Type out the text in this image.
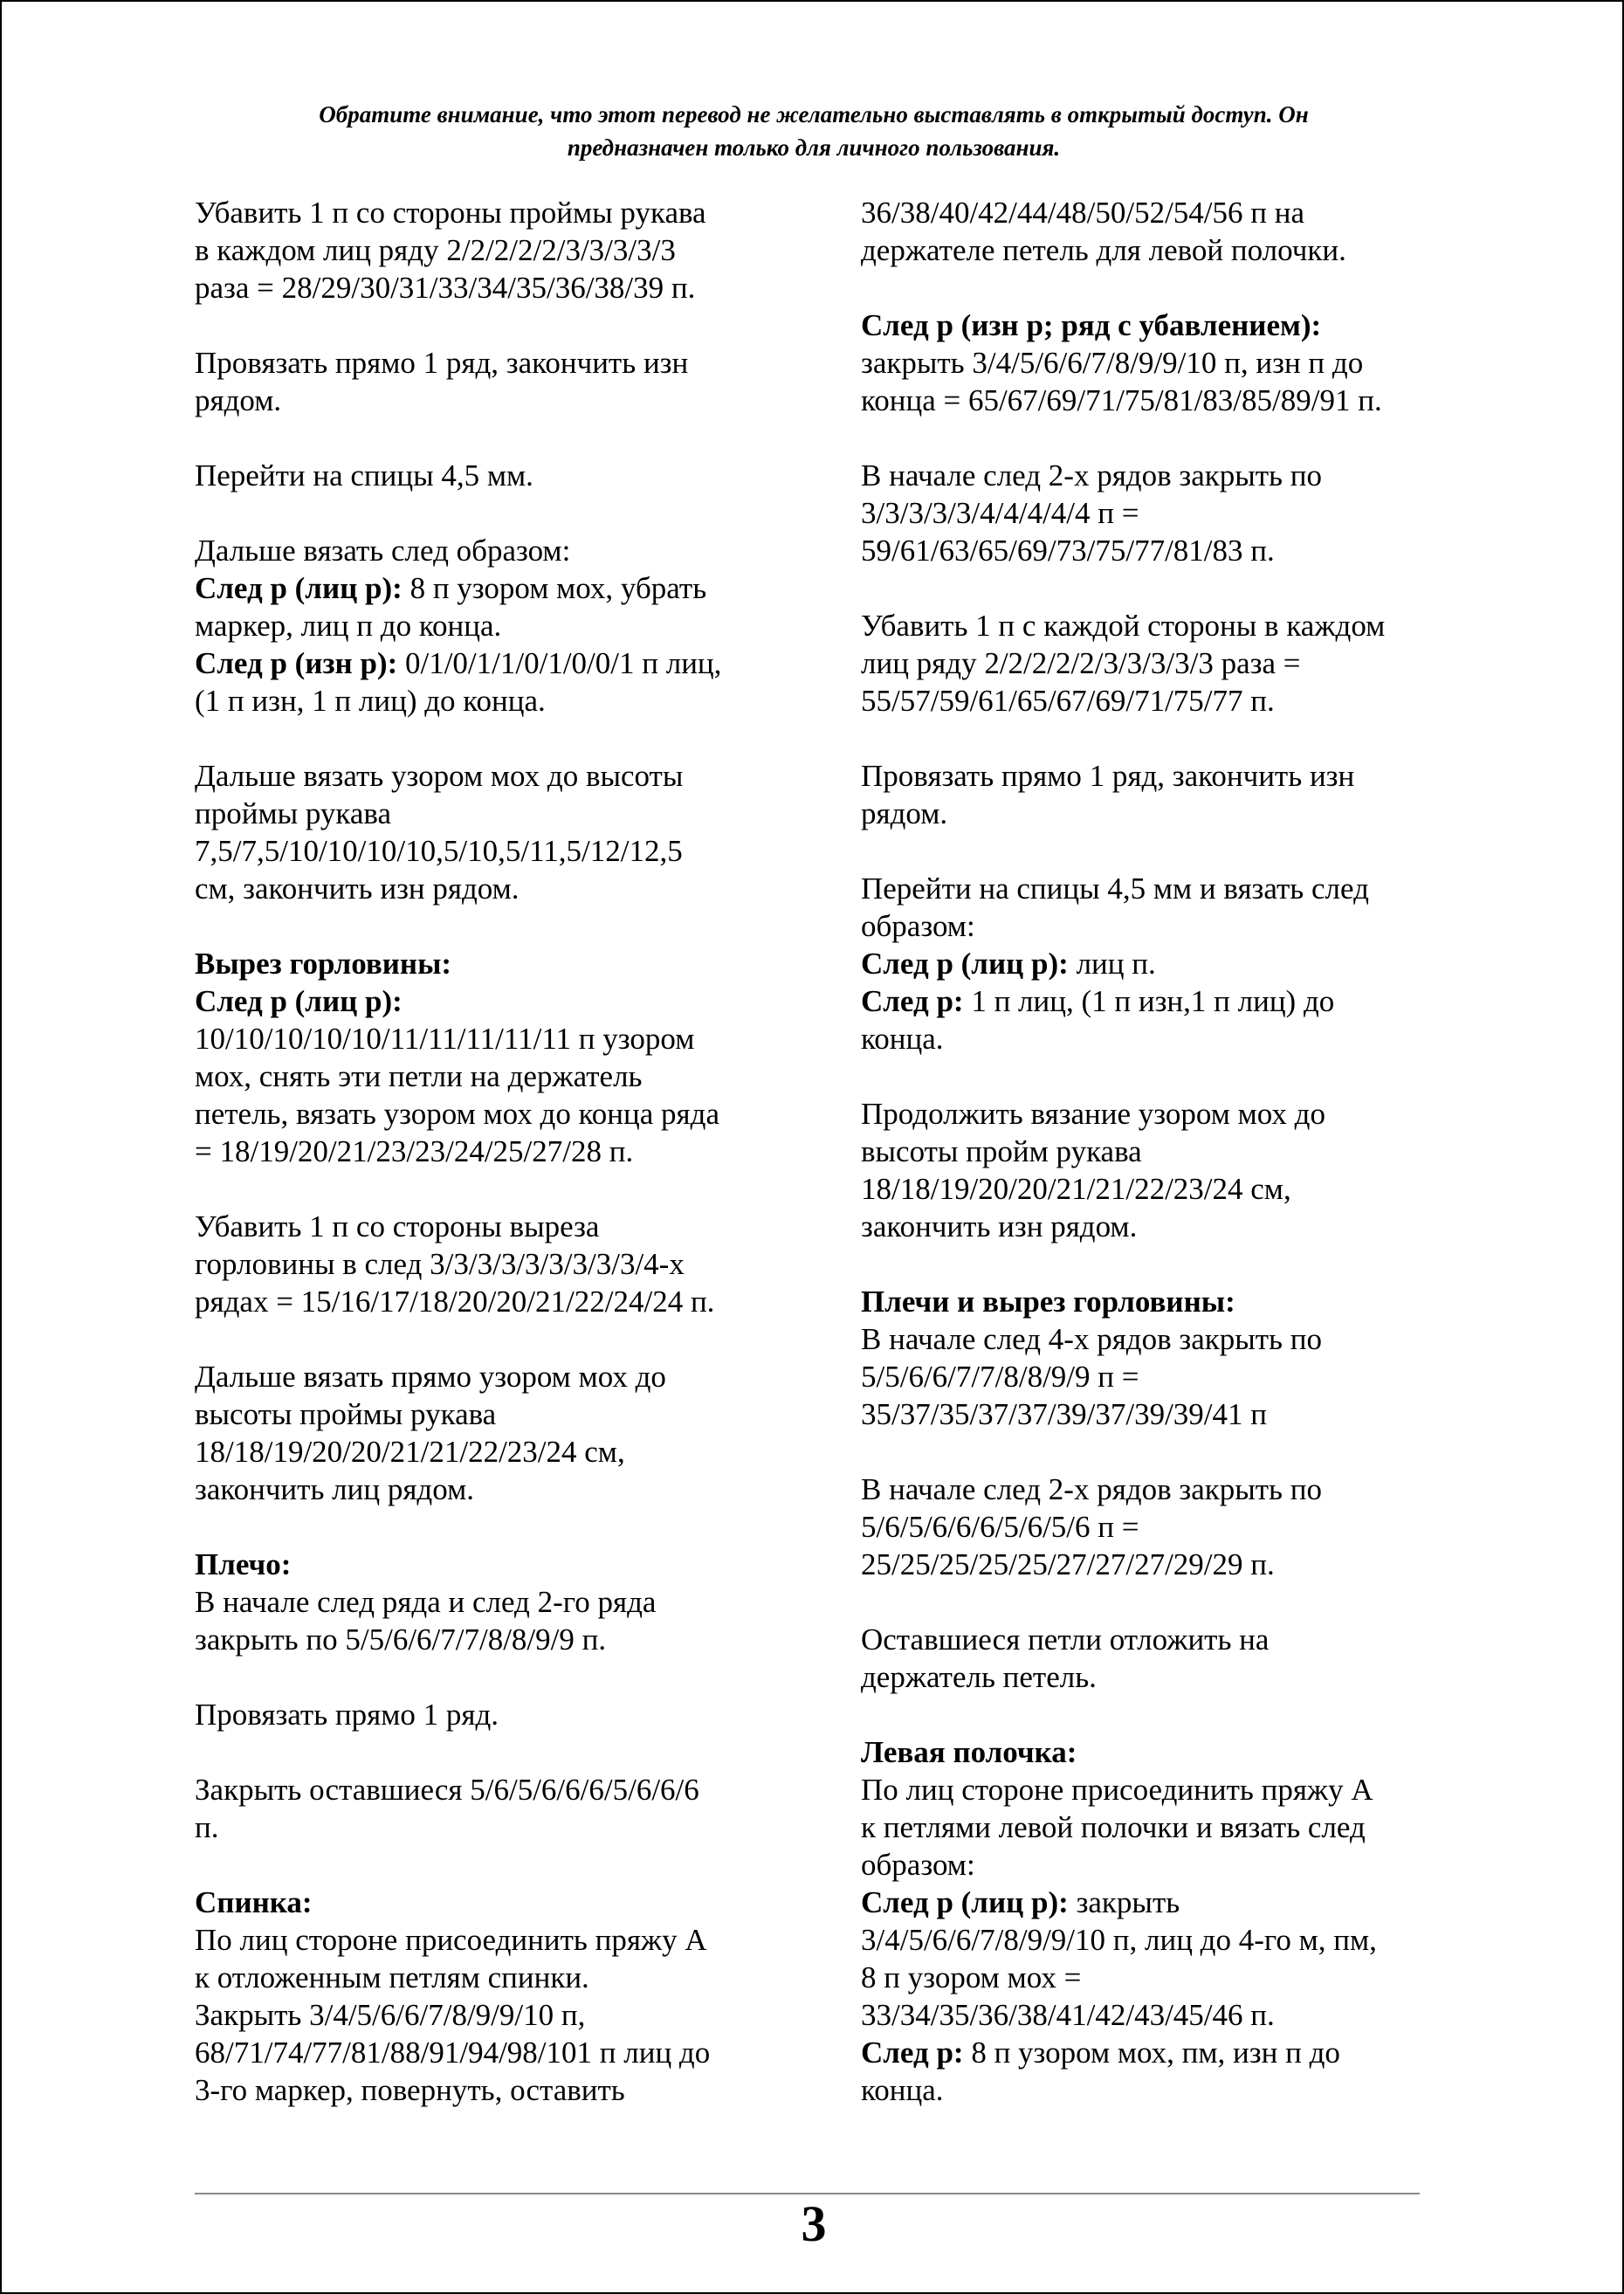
Обратите внимание, что этот перевод не желательно выставлять в открытый доступ. Он
предназначен только для личного пользования.
Убавить 1 п со стороны проймы рукава
в каждом лиц ряду 2/2/2/2/2/3/3/3/3/3
раза = 28/29/30/31/33/34/35/36/38/39 п.
Провязать прямо 1 ряд, закончить изн
рядом.
Перейти на спицы 4,5 мм.
Дальше вязать след образом:
След р (лиц р): 8 п узором мох, убрать
маркер, лиц п до конца.
След р (изн р): 0/1/0/1/1/0/1/0/0/1 п лиц,
(1 п изн, 1 п лиц) до конца.
Дальше вязать узором мох до высоты
проймы рукава
7,5/7,5/10/10/10/10,5/10,5/11,5/12/12,5
см, закончить изн рядом.
Вырез горловины:
След р (лиц р):
10/10/10/10/10/11/11/11/11/11 п узором
мох, снять эти петли на держатель
петель, вязать узором мох до конца ряда
= 18/19/20/21/23/23/24/25/27/28 п.
Убавить 1 п со стороны выреза
горловины в след 3/3/3/3/3/3/3/3/3/4-х
рядах = 15/16/17/18/20/20/21/22/24/24 п.
Дальше вязать прямо узором мох до
высоты проймы рукава
18/18/19/20/20/21/21/22/23/24 см,
закончить лиц рядом.
Плечо:
В начале след ряда и след 2-го ряда
закрыть по 5/5/6/6/7/7/8/8/9/9 п.
Провязать прямо 1 ряд.
Закрыть оставшиеся 5/6/5/6/6/6/5/6/6/6
п.
Спинка:
По лиц стороне присоединить пряжу А
к отложенным петлям спинки.
Закрыть 3/4/5/6/6/7/8/9/9/10 п,
68/71/74/77/81/88/91/94/98/101 п лиц до
3-го маркер, повернуть, оставить
36/38/40/42/44/48/50/52/54/56 п на
держателе петель для левой полочки.
След р (изн р; ряд с убавлением):
закрыть 3/4/5/6/6/7/8/9/9/10 п, изн п до
конца = 65/67/69/71/75/81/83/85/89/91 п.
В начале след 2-х рядов закрыть по
3/3/3/3/3/4/4/4/4/4 п =
59/61/63/65/69/73/75/77/81/83 п.
Убавить 1 п с каждой стороны в каждом
лиц ряду 2/2/2/2/2/3/3/3/3/3 раза =
55/57/59/61/65/67/69/71/75/77 п.
Провязать прямо 1 ряд, закончить изн
рядом.
Перейти на спицы 4,5 мм и вязать след
образом:
След р (лиц р): лиц п.
След р: 1 п лиц, (1 п изн,1 п лиц) до
конца.
Продолжить вязание узором мох до
высоты пройм рукава
18/18/19/20/20/21/21/22/23/24 см,
закончить изн рядом.
Плечи и вырез горловины:
В начале след 4-х рядов закрыть по
5/5/6/6/7/7/8/8/9/9 п =
35/37/35/37/37/39/37/39/39/41 п
В начале след 2-х рядов закрыть по
5/6/5/6/6/6/5/6/5/6 п =
25/25/25/25/25/27/27/27/29/29 п.
Оставшиеся петли отложить на
держатель петель.
Левая полочка:
По лиц стороне присоединить пряжу А
к петлями левой полочки и вязать след
образом:
След р (лиц р): закрыть
3/4/5/6/6/7/8/9/9/10 п, лиц до 4-го м, пм,
8 п узором мох =
33/34/35/36/38/41/42/43/45/46 п.
След р: 8 п узором мох, пм, изн п до
конца.
3
